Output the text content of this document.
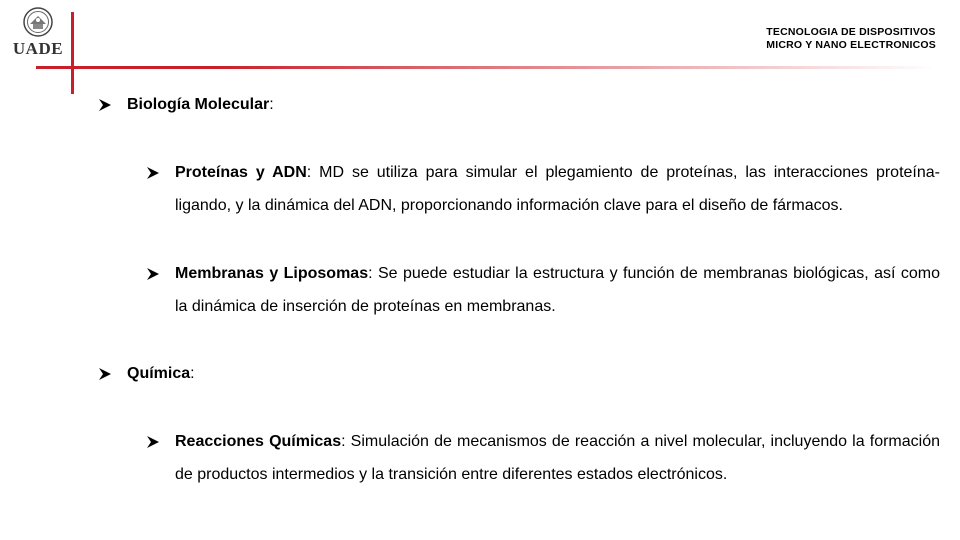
UADE
TECNOLOGIA DE DISPOSITIVOS
MICRO Y NANO ELECTRONICOS
Biología Molecular:
Proteínas y ADN: MD se utiliza para simular el plegamiento de proteínas, las interacciones proteína-ligando, y la dinámica del ADN, proporcionando información clave para el diseño de fármacos.
Membranas y Liposomas: Se puede estudiar la estructura y función de membranas biológicas, así como la dinámica de inserción de proteínas en membranas.
Química:
Reacciones Químicas: Simulación de mecanismos de reacción a nivel molecular, incluyendo la formación de productos intermedios y la transición entre diferentes estados electrónicos.
